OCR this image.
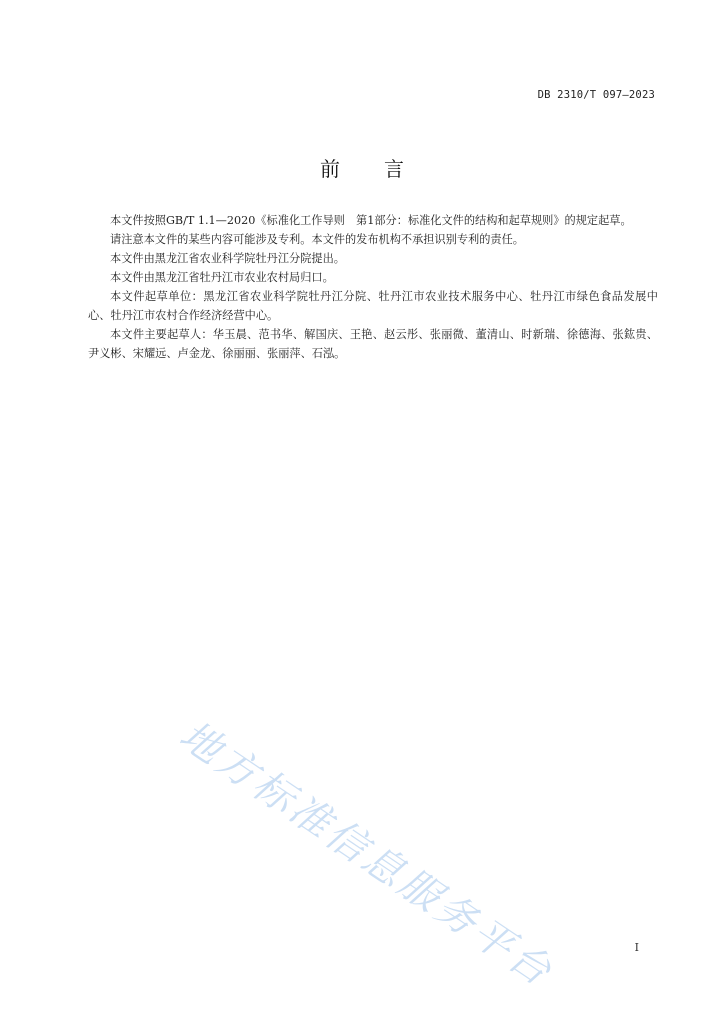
DB 2310/T 097—2023
前 言

本文件按照GB/T 1.1—2020《标准化工作导则　第1部分：标准化文件的结构和起草规则》的规定起草。

请注意本文件的某些内容可能涉及专利。本文件的发布机构不承担识别专利的责任。

本文件由黑龙江省农业科学院牡丹江分院提出。

本文件由黑龙江省牡丹江市农业农村局归口。

本文件起草单位：黑龙江省农业科学院牡丹江分院、牡丹江市农业技术服务中心、牡丹江市绿色食品发展中心、牡丹江市农村合作经济经营中心。

本文件主要起草人：华玉晨、范书华、解国庆、王艳、赵云彤、张丽微、董清山、时新瑞、徐德海、张鈜贵、尹义彬、宋耀远、卢金龙、徐丽丽、张丽萍、石泓。

地方标准信息服务平台	I
